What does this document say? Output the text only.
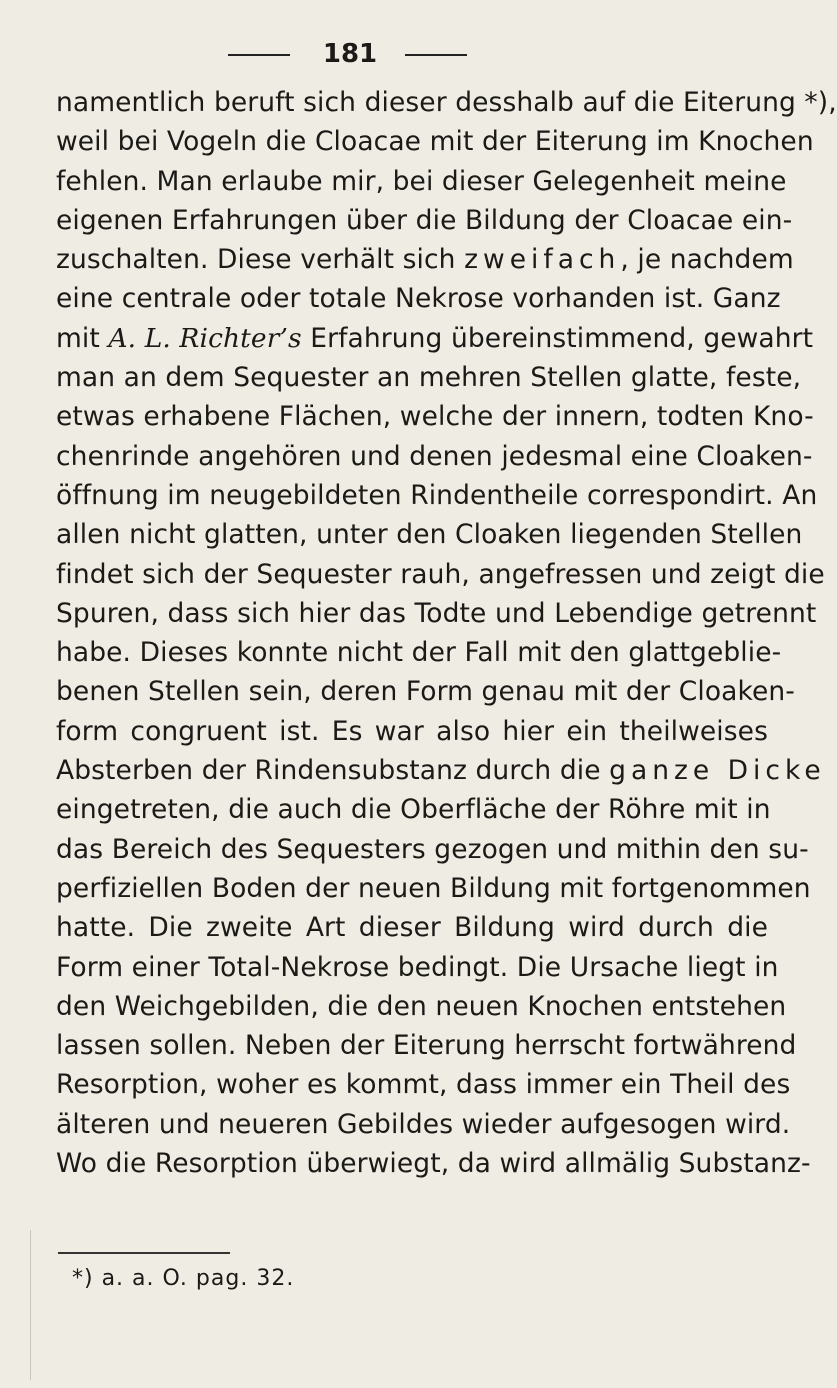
181
namentlich beruft sich dieser desshalb auf die Eiterung *),
weil bei Vogeln die Cloacae mit der Eiterung im Knochen
fehlen. Man erlaube mir, bei dieser Gelegenheit meine
eigenen Erfahrungen über die Bildung der Cloacae ein-
zuschalten. Diese verhält sich zweifach, je nachdem
eine centrale oder totale Nekrose vorhanden ist. Ganz
mit A. L. Richter’s Erfahrung übereinstimmend, gewahrt
man an dem Sequester an mehren Stellen glatte, feste,
etwas erhabene Flächen, welche der innern, todten Kno-
chenrinde angehören und denen jedesmal eine Cloaken-
öffnung im neugebildeten Rindentheile correspondirt. An
allen nicht glatten, unter den Cloaken liegenden Stellen
findet sich der Sequester rauh, angefressen und zeigt die
Spuren, dass sich hier das Todte und Lebendige getrennt
habe. Dieses konnte nicht der Fall mit den glattgeblie-
benen Stellen sein, deren Form genau mit der Cloaken-
form congruent ist. Es war also hier ein theilweises
Absterben der Rindensubstanz durch die ganze Dicke
eingetreten, die auch die Oberfläche der Röhre mit in
das Bereich des Sequesters gezogen und mithin den su-
perfiziellen Boden der neuen Bildung mit fortgenommen
hatte. Die zweite Art dieser Bildung wird durch die
Form einer Total-Nekrose bedingt. Die Ursache liegt in
den Weichgebilden, die den neuen Knochen entstehen
lassen sollen. Neben der Eiterung herrscht fortwährend
Resorption, woher es kommt, dass immer ein Theil des
älteren und neueren Gebildes wieder aufgesogen wird.
Wo die Resorption überwiegt, da wird allmälig Substanz-
*) a. a. O. pag. 32.
